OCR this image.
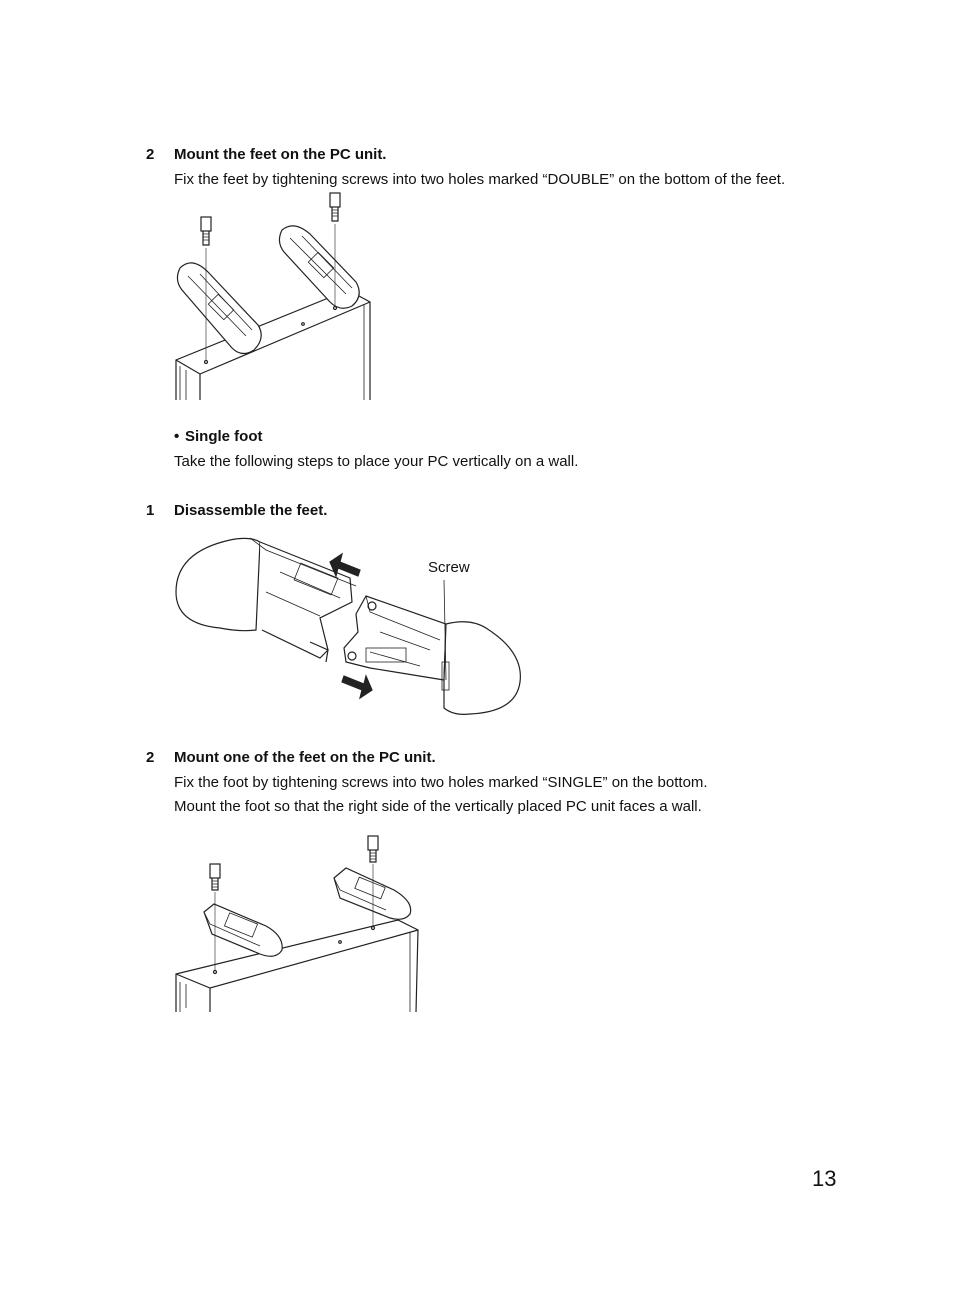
2 Mount the feet on the PC unit.
Fix the feet by tightening screws into two holes marked “DOUBLE” on the bottom of the feet.
• Single foot
Take the following steps to place your PC vertically on a wall.
1 Disassemble the feet.
Screw
2 Mount one of the feet on the PC unit.
Fix the foot by tightening screws into two holes marked “SINGLE” on the bottom.
Mount the foot so that the right side of the vertically placed PC unit faces a wall.
13
